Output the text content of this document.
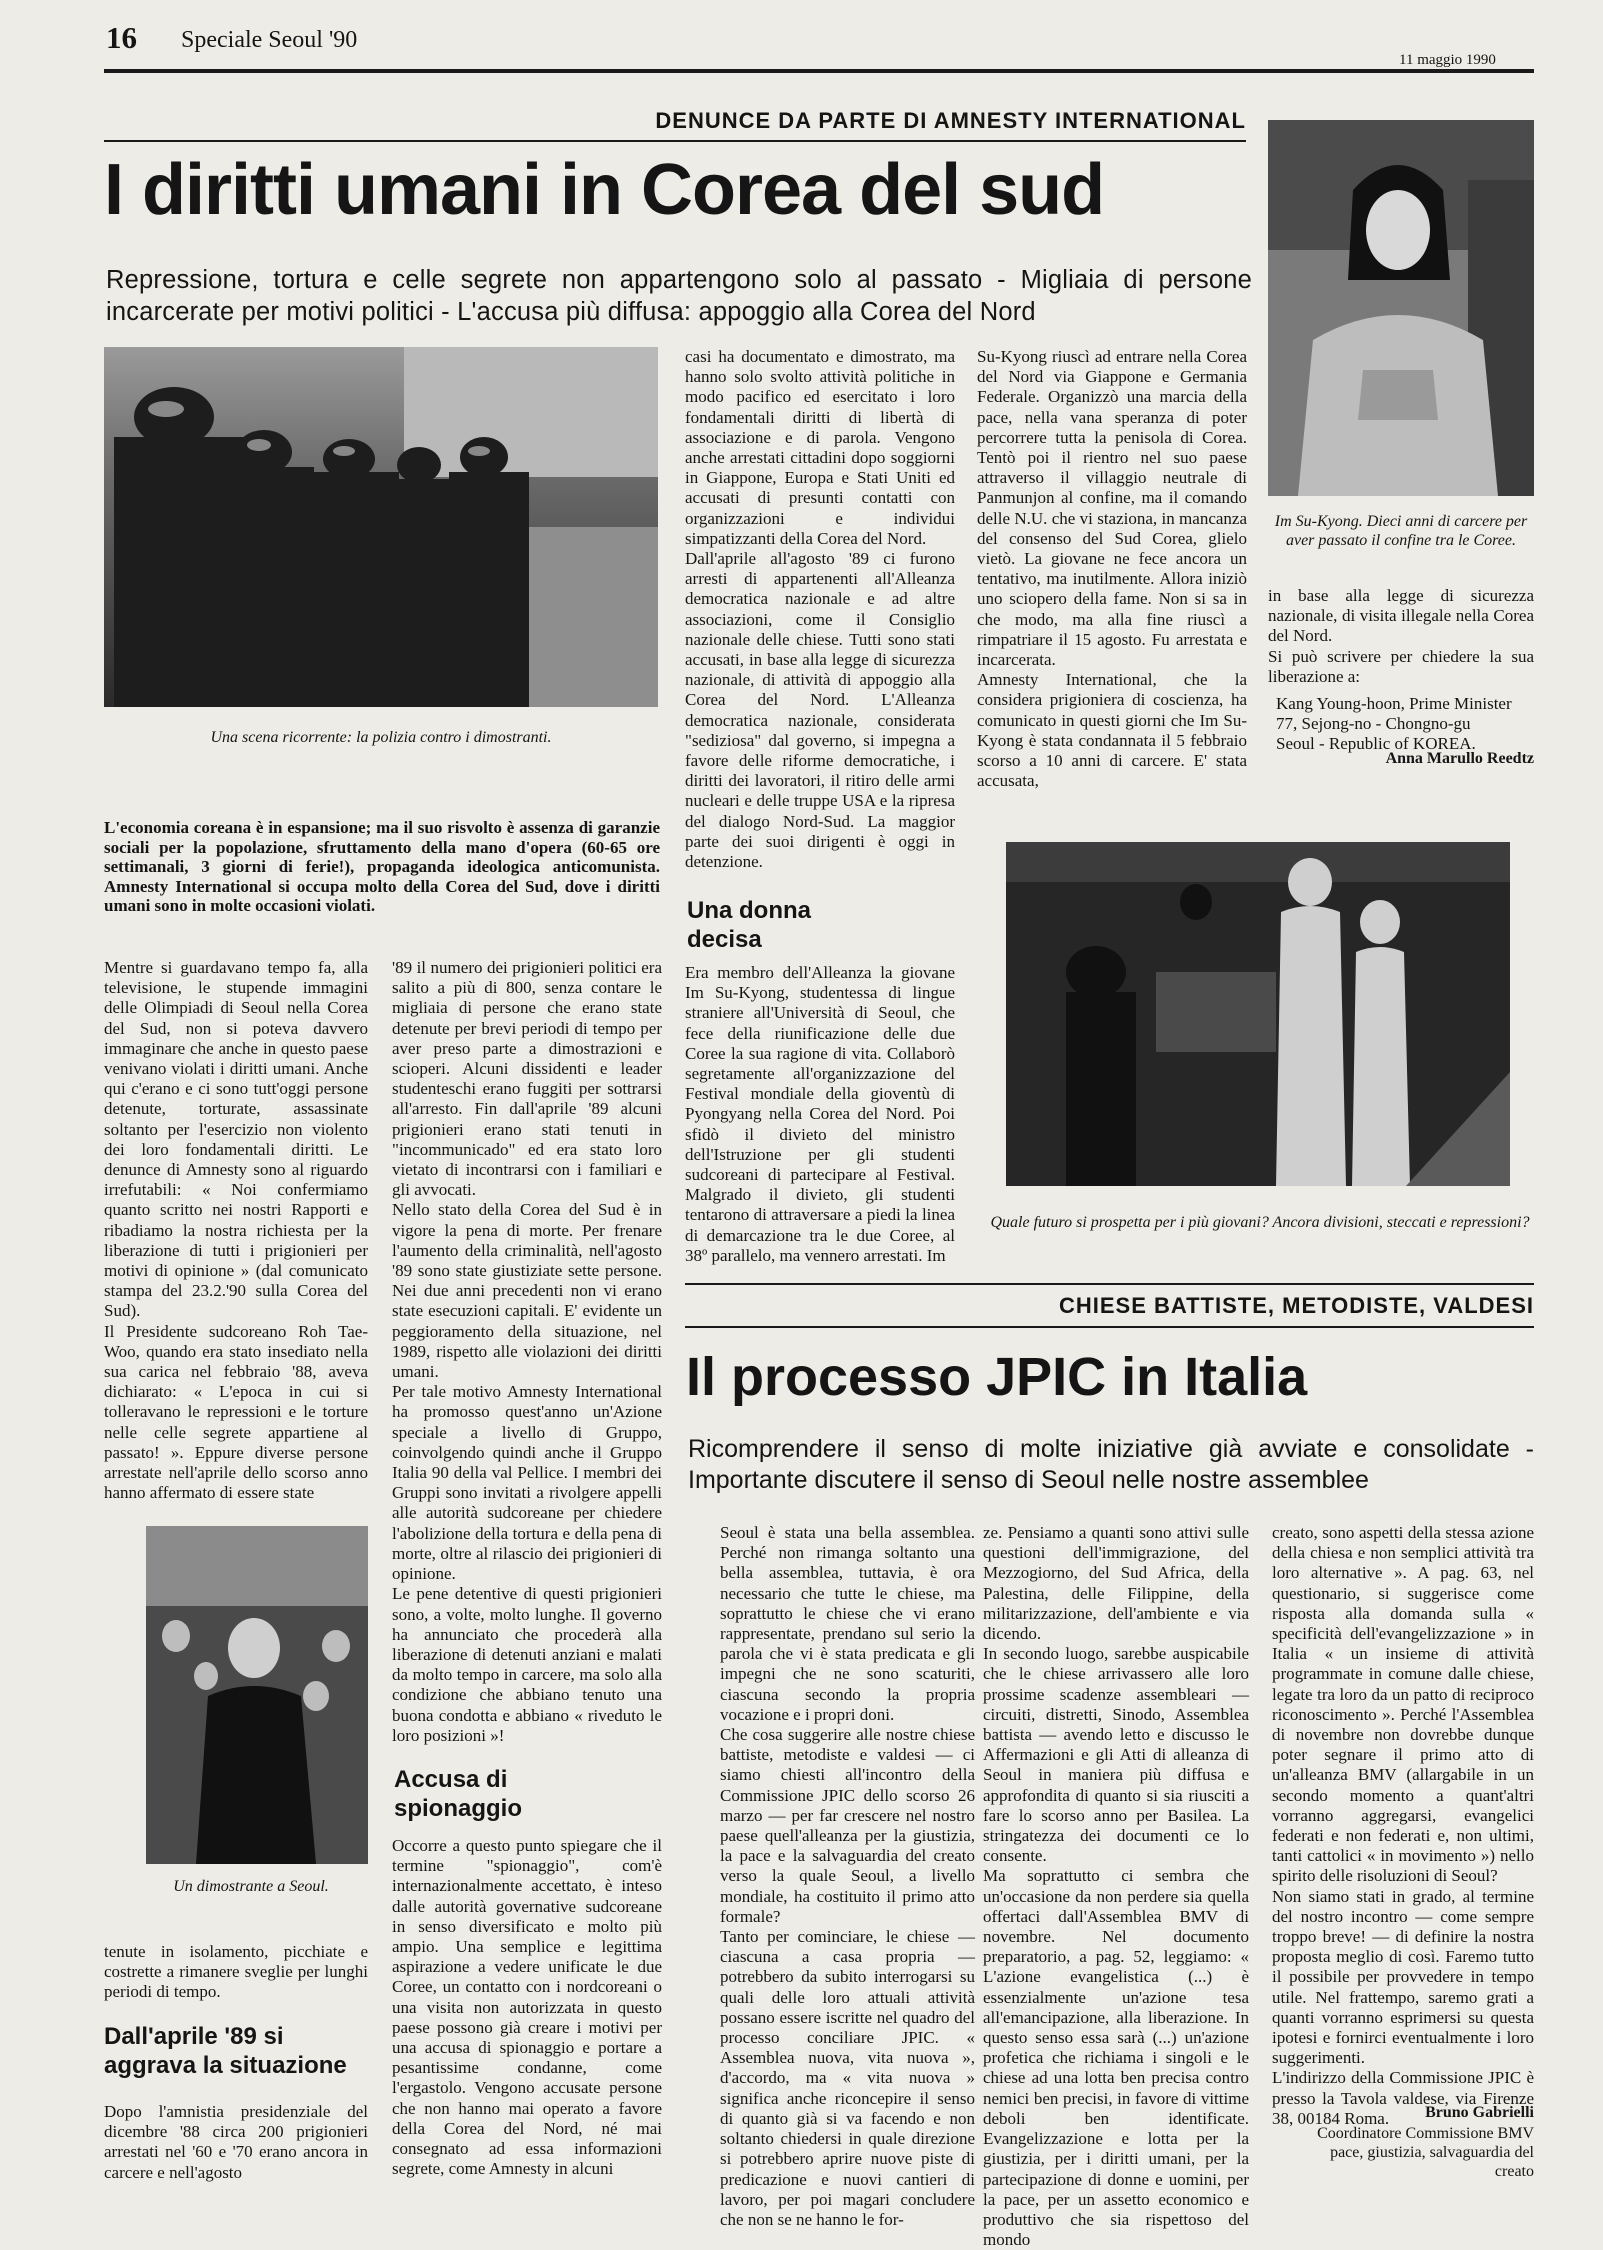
16 Speciale Seoul '90
11 maggio 1990
DENUNCE DA PARTE DI AMNESTY INTERNATIONAL
I diritti umani in Corea del sud
Repressione, tortura e celle segrete non appartengono solo al passato - Migliaia di persone incarcerate per motivi politici - L'accusa più diffusa: appoggio alla Corea del Nord
Una scena ricorrente: la polizia contro i dimostranti.
L'economia coreana è in espansione; ma il suo risvolto è assenza di garanzie sociali per la popolazione, sfruttamento della mano d'opera (60-65 ore settimanali, 3 giorni di ferie!), propaganda ideologica anticomunista. Amnesty International si occupa molto della Corea del Sud, dove i diritti umani sono in molte occasioni violati.
Mentre si guardavano tempo fa, alla televisione, le stupende immagini delle Olimpiadi di Seoul nella Corea del Sud, non si poteva davvero immaginare che anche in questo paese venivano violati i diritti umani. Anche qui c'erano e ci sono tutt'oggi persone detenute, torturate, assassinate soltanto per l'esercizio non violento dei loro fondamentali diritti. Le denunce di Amnesty sono al riguardo irrefutabili: « Noi confermiamo quanto scritto nei nostri Rapporti e ribadiamo la nostra richiesta per la liberazione di tutti i prigionieri per motivi di opinione » (dal comunicato stampa del 23.2.'90 sulla Corea del Sud).
Il Presidente sudcoreano Roh Tae-Woo, quando era stato insediato nella sua carica nel febbraio '88, aveva dichiarato: « L'epoca in cui si tolleravano le repressioni e le torture nelle celle segrete appartiene al passato! ». Eppure diverse persone arrestate nell'aprile dello scorso anno hanno affermato di essere state
Un dimostrante a Seoul.
tenute in isolamento, picchiate e costrette a rimanere sveglie per lunghi periodi di tempo.
Dall'aprile '89 si aggrava la situazione
Dopo l'amnistia presidenziale del dicembre '88 circa 200 prigionieri arrestati nel '60 e '70 erano ancora in carcere e nell'agosto
'89 il numero dei prigionieri politici era salito a più di 800, senza contare le migliaia di persone che erano state detenute per brevi periodi di tempo per aver preso parte a dimostrazioni e scioperi. Alcuni dissidenti e leader studenteschi erano fuggiti per sottrarsi all'arresto. Fin dall'aprile '89 alcuni prigionieri erano stati tenuti in "incommunicado" ed era stato loro vietato di incontrarsi con i familiari e gli avvocati.
Nello stato della Corea del Sud è in vigore la pena di morte. Per frenare l'aumento della criminalità, nell'agosto '89 sono state giustiziate sette persone. Nei due anni precedenti non vi erano state esecuzioni capitali. E' evidente un peggioramento della situazione, nel 1989, rispetto alle violazioni dei diritti umani.
Per tale motivo Amnesty International ha promosso quest'anno un'Azione speciale a livello di Gruppo, coinvolgendo quindi anche il Gruppo Italia 90 della val Pellice. I membri dei Gruppi sono invitati a rivolgere appelli alle autorità sudcoreane per chiedere l'abolizione della tortura e della pena di morte, oltre al rilascio dei prigionieri di opinione.
Le pene detentive di questi prigionieri sono, a volte, molto lunghe. Il governo ha annunciato che procederà alla liberazione di detenuti anziani e malati da molto tempo in carcere, ma solo alla condizione che abbiano tenuto una buona condotta e abbiano « riveduto le loro posizioni »!
Accusa di spionaggio
Occorre a questo punto spiegare che il termine "spionaggio", com'è internazionalmente accettato, è inteso dalle autorità governative sudcoreane in senso diversificato e molto più ampio. Una semplice e legittima aspirazione a vedere unificate le due Coree, un contatto con i nordcoreani o una visita non autorizzata in questo paese possono già creare i motivi per una accusa di spionaggio e portare a pesantissime condanne, come l'ergastolo. Vengono accusate persone che non hanno mai operato a favore della Corea del Nord, né mai consegnato ad essa informazioni segrete, come Amnesty in alcuni
casi ha documentato e dimostrato, ma hanno solo svolto attività politiche in modo pacifico ed esercitato i loro fondamentali diritti di libertà di associazione e di parola. Vengono anche arrestati cittadini dopo soggiorni in Giappone, Europa e Stati Uniti ed accusati di presunti contatti con organizzazioni e individui simpatizzanti della Corea del Nord.
Dall'aprile all'agosto '89 ci furono arresti di appartenenti all'Alleanza democratica nazionale e ad altre associazioni, come il Consiglio nazionale delle chiese. Tutti sono stati accusati, in base alla legge di sicurezza nazionale, di attività di appoggio alla Corea del Nord. L'Alleanza democratica nazionale, considerata "sediziosa" dal governo, si impegna a favore delle riforme democratiche, i diritti dei lavoratori, il ritiro delle armi nucleari e delle truppe USA e la ripresa del dialogo Nord-Sud. La maggior parte dei suoi dirigenti è oggi in detenzione.
Una donna decisa
Era membro dell'Alleanza la giovane Im Su-Kyong, studentessa di lingue straniere all'Università di Seoul, che fece della riunificazione delle due Coree la sua ragione di vita. Collaborò segretamente all'organizzazione del Festival mondiale della gioventù di Pyongyang nella Corea del Nord. Poi sfidò il divieto del ministro dell'Istruzione per gli studenti sudcoreani di partecipare al Festival. Malgrado il divieto, gli studenti tentarono di attraversare a piedi la linea di demarcazione tra le due Coree, al 38º parallelo, ma vennero arrestati. Im
Su-Kyong riuscì ad entrare nella Corea del Nord via Giappone e Germania Federale. Organizzò una marcia della pace, nella vana speranza di poter percorrere tutta la penisola di Corea. Tentò poi il rientro nel suo paese attraverso il villaggio neutrale di Panmunjon al confine, ma il comando delle N.U. che vi staziona, in mancanza del consenso del Sud Corea, glielo vietò. La giovane ne fece ancora un tentativo, ma inutilmente. Allora iniziò uno sciopero della fame. Non si sa in che modo, ma alla fine riuscì a rimpatriare il 15 agosto. Fu arrestata e incarcerata.
Amnesty International, che la considera prigioniera di coscienza, ha comunicato in questi giorni che Im Su-Kyong è stata condannata il 5 febbraio scorso a 10 anni di carcere. E' stata accusata,
Im Su-Kyong. Dieci anni di carcere per aver passato il confine tra le Coree.
in base alla legge di sicurezza nazionale, di visita illegale nella Corea del Nord.
Si può scrivere per chiedere la sua liberazione a:
Kang Young-hoon, Prime Minister
77, Sejong-no - Chongno-gu
Seoul - Republic of KOREA.
Anna Marullo Reedtz
Quale futuro si prospetta per i più giovani? Ancora divisioni, steccati e repressioni?
CHIESE BATTISTE, METODISTE, VALDESI
Il processo JPIC in Italia
Ricomprendere il senso di molte iniziative già avviate e consolidate - Importante discutere il senso di Seoul nelle nostre assemblee
Seoul è stata una bella assemblea. Perché non rimanga soltanto una bella assemblea, tuttavia, è ora necessario che tutte le chiese, ma soprattutto le chiese che vi erano rappresentate, prendano sul serio la parola che vi è stata predicata e gli impegni che ne sono scaturiti, ciascuna secondo la propria vocazione e i propri doni.
Che cosa suggerire alle nostre chiese battiste, metodiste e valdesi — ci siamo chiesti all'incontro della Commissione JPIC dello scorso 26 marzo — per far crescere nel nostro paese quell'alleanza per la giustizia, la pace e la salvaguardia del creato verso la quale Seoul, a livello mondiale, ha costituito il primo atto formale?
Tanto per cominciare, le chiese — ciascuna a casa propria — potrebbero da subito interrogarsi su quali delle loro attuali attività possano essere iscritte nel quadro del processo conciliare JPIC. « Assemblea nuova, vita nuova », d'accordo, ma « vita nuova » significa anche riconcepire il senso di quanto già si va facendo e non soltanto chiedersi in quale direzione si potrebbero aprire nuove piste di predicazione e nuovi cantieri di lavoro, per poi magari concludere che non se ne hanno le for-
ze. Pensiamo a quanti sono attivi sulle questioni dell'immigrazione, del Mezzogiorno, del Sud Africa, della Palestina, delle Filippine, della militarizzazione, dell'ambiente e via dicendo.
In secondo luogo, sarebbe auspicabile che le chiese arrivassero alle loro prossime scadenze assembleari — circuiti, distretti, Sinodo, Assemblea battista — avendo letto e discusso le Affermazioni e gli Atti di alleanza di Seoul in maniera più diffusa e approfondita di quanto si sia riusciti a fare lo scorso anno per Basilea. La stringatezza dei documenti ce lo consente.
Ma soprattutto ci sembra che un'occasione da non perdere sia quella offertaci dall'Assemblea BMV di novembre. Nel documento preparatorio, a pag. 52, leggiamo: « L'azione evangelistica (...) è essenzialmente un'azione tesa all'emancipazione, alla liberazione. In questo senso essa sarà (...) un'azione profetica che richiama i singoli e le chiese ad una lotta ben precisa contro nemici ben precisi, in favore di vittime deboli ben identificate. Evangelizzazione e lotta per la giustizia, per i diritti umani, per la partecipazione di donne e uomini, per la pace, per un assetto economico e produttivo che sia rispettoso del mondo
creato, sono aspetti della stessa azione della chiesa e non semplici attività tra loro alternative ». A pag. 63, nel questionario, si suggerisce come risposta alla domanda sulla « specificità dell'evangelizzazione » in Italia « un insieme di attività programmate in comune dalle chiese, legate tra loro da un patto di reciproco riconoscimento ». Perché l'Assemblea di novembre non dovrebbe dunque poter segnare il primo atto di un'alleanza BMV (allargabile in un secondo momento a quant'altri vorranno aggregarsi, evangelici federati e non federati e, non ultimi, tanti cattolici « in movimento ») nello spirito delle risoluzioni di Seoul?
Non siamo stati in grado, al termine del nostro incontro — come sempre troppo breve! — di definire la nostra proposta meglio di così. Faremo tutto il possibile per provvedere in tempo utile. Nel frattempo, saremo grati a quanti vorranno esprimersi su questa ipotesi e fornirci eventualmente i loro suggerimenti.
L'indirizzo della Commissione JPIC è presso la Tavola valdese, via Firenze 38, 00184 Roma.	Bruno Gabrielli
Coordinatore Commissione BMV pace, giustizia, salvaguardia del creato
